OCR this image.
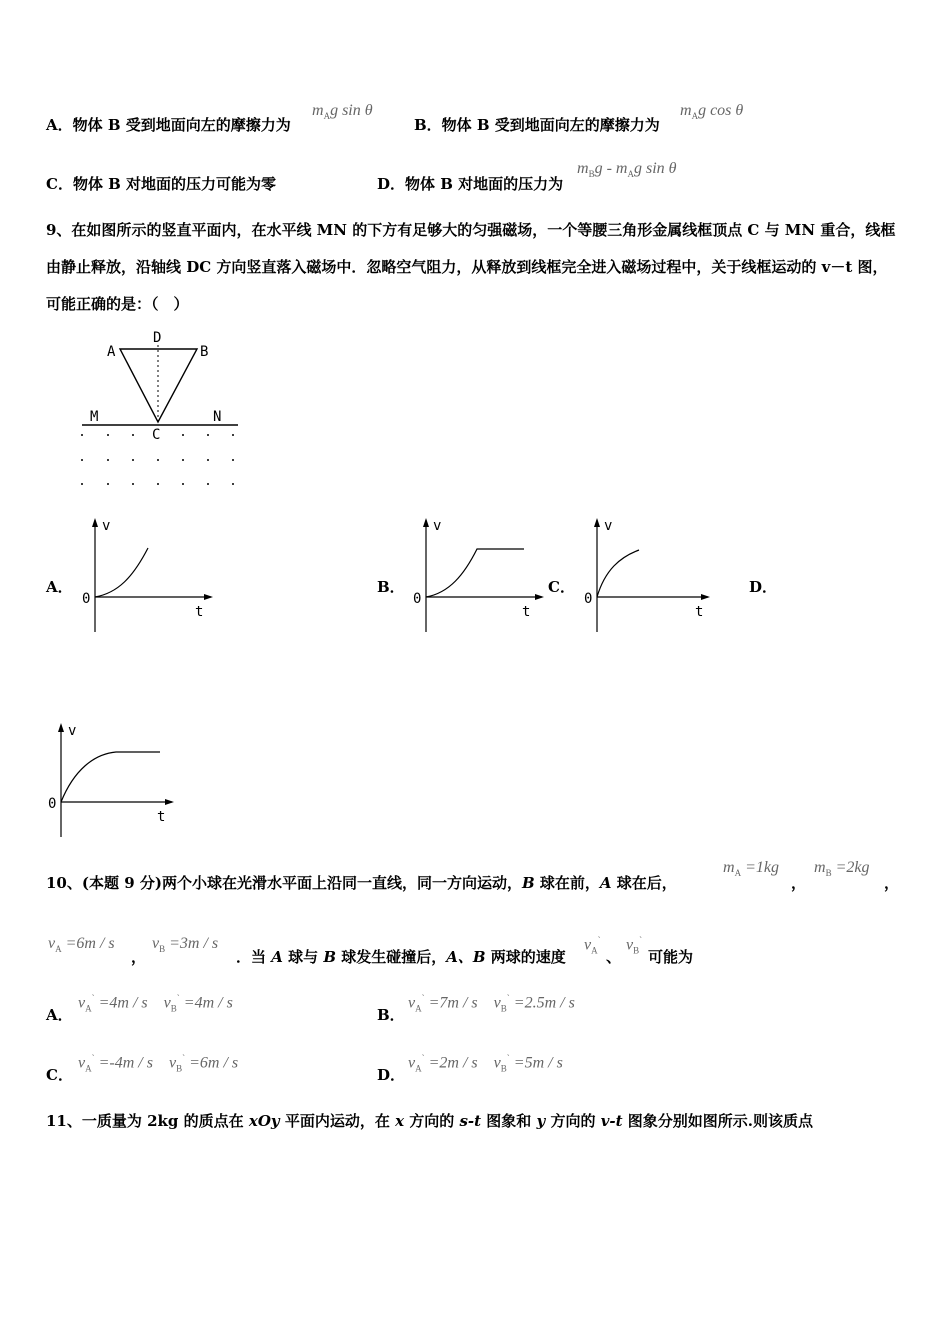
A．物体 B 受到地面向左的摩擦力为
$m_Ag$ sin θ
B．物体 B 受到地面向左的摩擦力为
$m_Ag$ cos θ
C．物体 B 对地面的压力可能为零	D．物体 B 对地面的压力为
$m_Bg - m_Ag$ sin θ
9、在如图所示的竖直平面内，在水平线 MN 的下方有足够大的匀强磁场，一个等腰三角形金属线框顶点 C 与 MN 重合，线框由静止释放，沿轴线 DC 方向竖直落入磁场中．忽略空气阻力，从释放到线框完全进入磁场过程中，关于线框运动的 v－t 图，可能正确的是：（　）
A
D
B
M	N
C
A．	B．	C．	D．
v
0
t
v
0
t
v
0
t
v
0
t
10、(本题 9 分)两个小球在光滑水平面上沿同一直线，同一方向运动，B 球在前，A 球在后，
$m_A =1kg$
，
$m_B =2kg$
，
$v_A =6m / s$
，
$v_B =3m / s$
．当 A 球与 B 球发生碰撞后，A、B 两球的速度
$v_A^`$
、
$v_B^`$
可能为
A．
$v_A^` =4m / s$ $v_B^` =4m / s$
B．
$v_A^` =7m / s$ $v_B^` =2.5m / s$
C．
$v_A^` =-4m / s$ $v_B^` =6m / s$
D．
$v_A^` =2m / s$ $v_B^` =5m / s$
11、一质量为 2kg 的质点在 xOy 平面内运动，在 x 方向的 s-t 图象和 y 方向的 v-t 图象分别如图所示.则该质点
